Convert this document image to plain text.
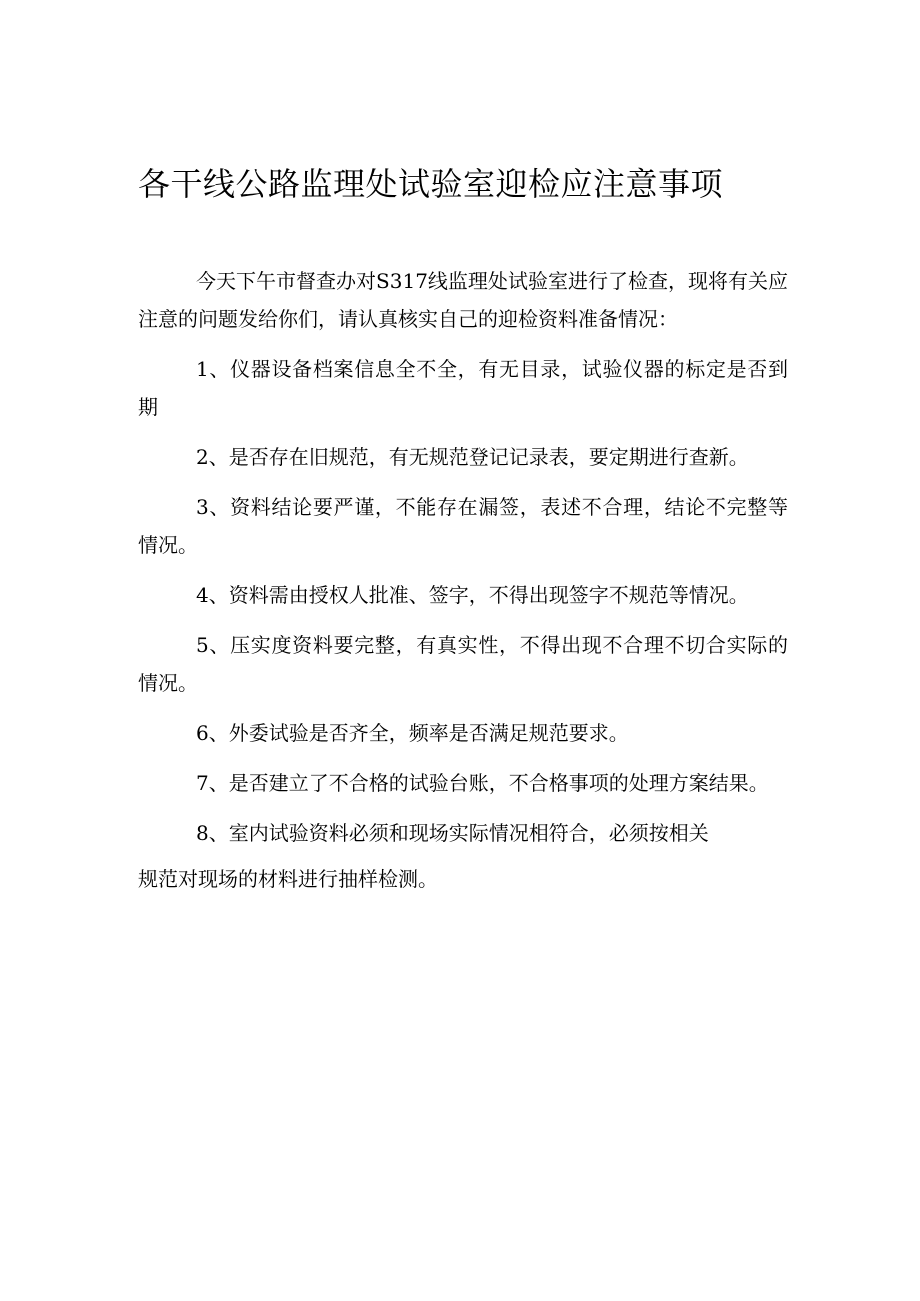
各干线公路监理处试验室迎检应注意事项

今天下午市督查办对S317线监理处试验室进行了检查，现将有关应注意的问题发给你们，请认真核实自己的迎检资料准备情况：

1、仪器设备档案信息全不全，有无目录，试验仪器的标定是否到期

2、是否存在旧规范，有无规范登记记录表，要定期进行查新。

3、资料结论要严谨，不能存在漏签，表述不合理，结论不完整等情况。

4、资料需由授权人批准、签字，不得出现签字不规范等情况。

5、压实度资料要完整，有真实性，不得出现不合理不切合实际的情况。

6、外委试验是否齐全，频率是否满足规范要求。

7、是否建立了不合格的试验台账，不合格事项的处理方案结果。

8、室内试验资料必须和现场实际情况相符合，必须按相关
规范对现场的材料进行抽样检测。
